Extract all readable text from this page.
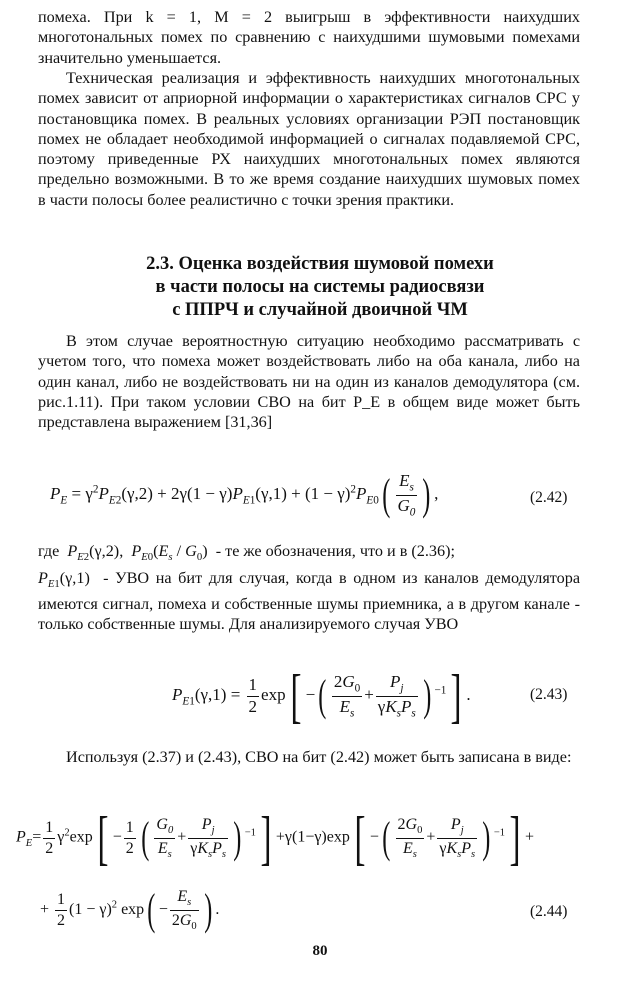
помеха. При k = 1, M = 2 выигрыш в эффективности наихудших многотональных помех по сравнению с наихудшими шумовыми помехами значительно уменьшается.

Техническая реализация и эффективность наихудших многотональных помех зависит от априорной информации о характеристиках сигналов СРС у постановщика помех. В реальных условиях организации РЭП постановщик помех не обладает необходимой информацией о сигналах подавляемой СРС, поэтому приведенные РХ наихудших многотональных помех являются предельно возможными. В то же время создание наихудших шумовых помех в части полосы более реалистично с точки зрения практики.

2.3. Оценка воздействия шумовой помехи
в части полосы на системы радиосвязи
с ППРЧ и случайной двоичной ЧМ

В этом случае вероятностную ситуацию необходимо рассматривать с учетом того, что помеха может воздействовать либо на оба канала, либо на один канал, либо не воздействовать ни на один из каналов демодулятора (см. рис.1.11). При таком условии СВО на бит P_E в общем виде может быть представлена выражением [31,36]

$P_E = \gamma^2P_{E2}(\gamma,2) + 2\gamma(1 - \gamma)P_{E1}(\gamma,1) + (1 - \gamma)^2P_{E0}( \frac{E_s}{G_0}$ ) ,	(2.42)

где $P_{E2}(\gamma,2)$,  $P_{E0}(E_s / G_0)$  - те же обозначения, что и в (2.36);
$P_{E1}(\gamma,1)$  - УВО на бит для случая, когда в одном из каналов демодулятора имеются сигнал, помеха и собственные шумы приемника, а в другом канале - только собственные шумы. Для анализируемого случая УВО

$P_{E1}(\gamma,1) = \frac{1}{2} \exp$[ −( $\frac{2G_0}{E_s} + \frac{P_j}{\gamma K_sP_s}$ ) $^{-1}$] .	(2.43)

Используя (2.37) и (2.43), СВО на бит (2.42) может быть записана в виде:

$P_E= \frac{1}{2} \gamma^2\exp[ - \frac{1}{2}$ ( $\frac{G_0}{E_s} + \frac{P_j}{\gamma K_sP_s}$ ) $^{-1}$] +γ(1−γ)exp[ −( $\frac{2G_0}{E_s} + \frac{P_j}{\gamma K_sP_s}$ ) $^{-1}$] +
+ $\frac{1}{2} (1 - \gamma)^2$ $\exp( - \frac{E_s}{2G_0}$ ) .	(2.44)
80
